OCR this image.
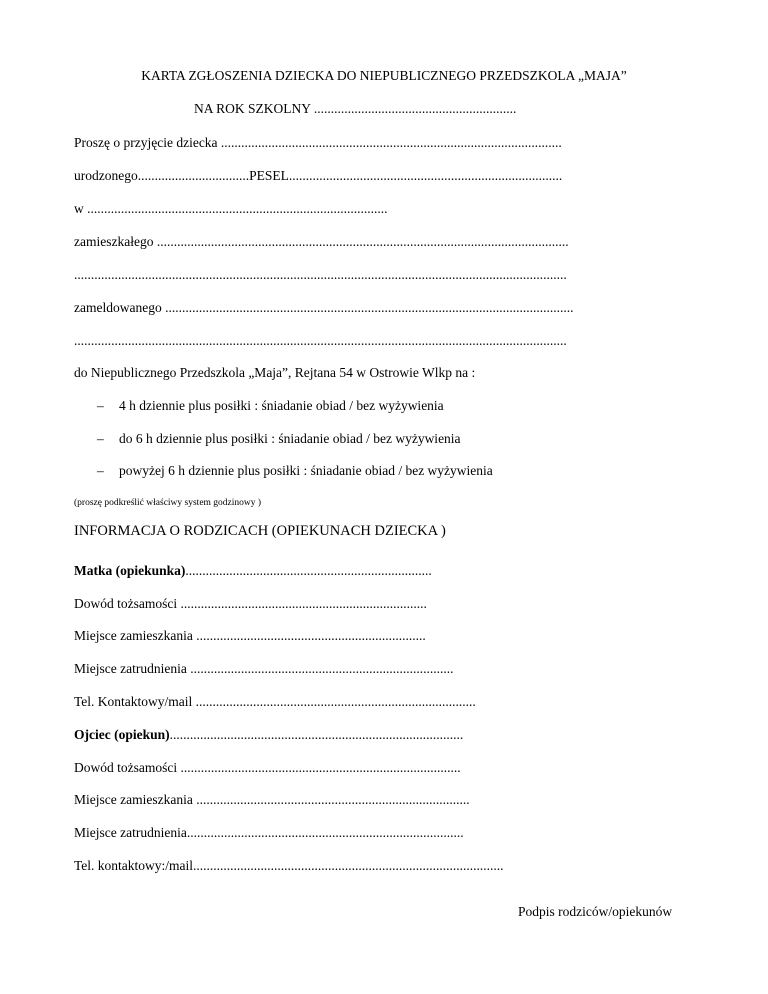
KARTA ZGŁOSZENIA DZIECKA DO NIEPUBLICZNEGO PRZEDSZKOLA „MAJA”
NA ROK SZKOLNY ............................................................
Proszę o przyjęcie dziecka .....................................................................................................
urodzonego.................................PESEL.................................................................................
w .........................................................................................
zamieszkałego ..........................................................................................................................
..................................................................................................................................................
zameldowanego .........................................................................................................................
..................................................................................................................................................
do Niepublicznego Przedszkola „Maja”, Rejtana 54 w Ostrowie Wlkp na :
– 4 h dziennie plus posiłki : śniadanie obiad / bez wyżywienia
– do 6 h dziennie plus posiłki : śniadanie obiad / bez wyżywienia
– powyżej 6 h dziennie plus posiłki : śniadanie obiad / bez wyżywienia
(proszę podkreślić właściwy system godzinowy )
INFORMACJA O RODZICACH (OPIEKUNACH DZIECKA )
Matka (opiekunka).........................................................................
Dowód tożsamości .........................................................................
Miejsce zamieszkania ....................................................................
Miejsce zatrudnienia ..............................................................................
Tel. Kontaktowy/mail ...................................................................................
Ojciec (opiekun).......................................................................................
Dowód tożsamości ...................................................................................
Miejsce zamieszkania .................................................................................
Miejsce zatrudnienia..................................................................................
Tel. kontaktowy:/mail............................................................................................
Podpis rodziców/opiekunów
